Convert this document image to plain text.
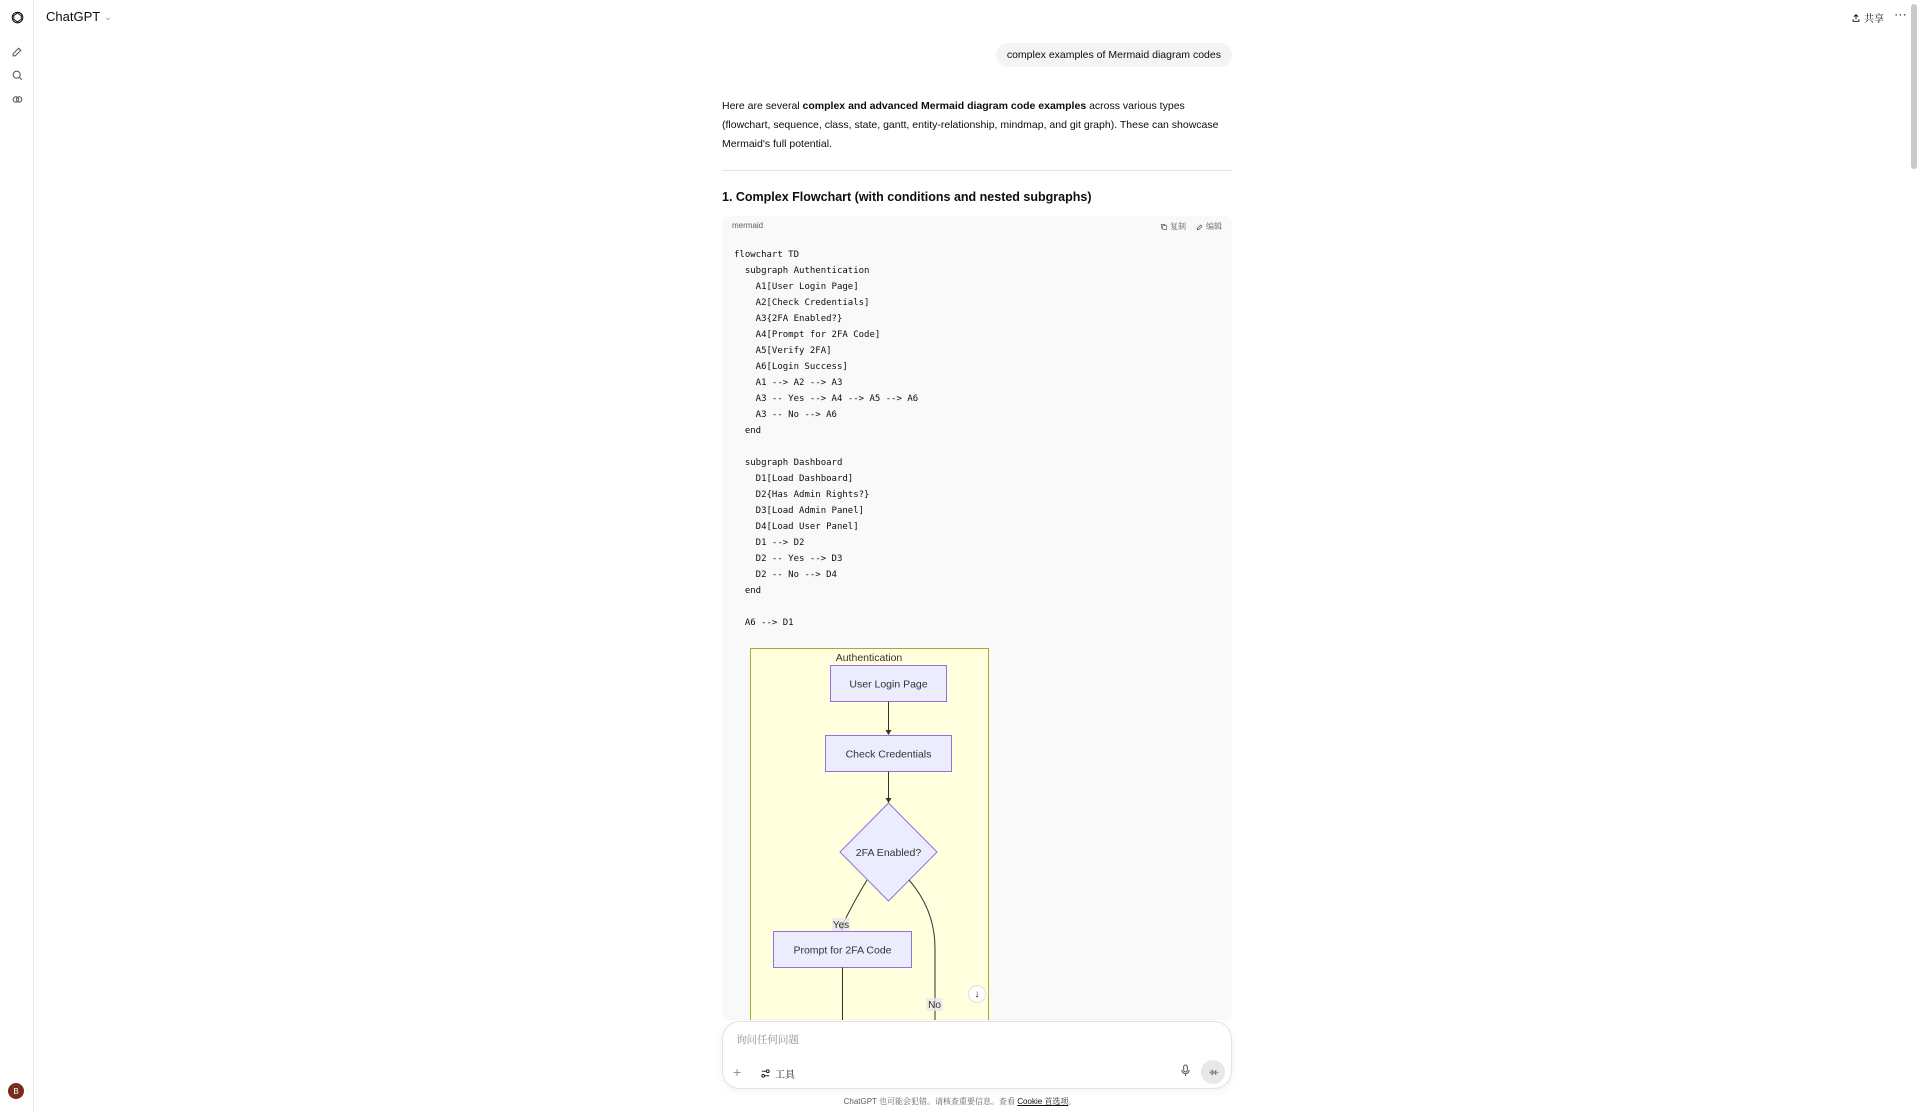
B
ChatGPT ⌄	共享 ⋯
complex examples of Mermaid diagram codes
Here are several complex and advanced Mermaid diagram code examples across various types (flowchart, sequence, class, state, gantt, entity-relationship, mindmap, and git graph). These can showcase Mermaid's full potential.
1. Complex Flowchart (with conditions and nested subgraphs)
mermaid	复制	编辑
flowchart TD
subgraph Authentication
A1[User Login Page]
A2[Check Credentials]
A3{2FA Enabled?}
A4[Prompt for 2FA Code]
A5[Verify 2FA]
A6[Login Success]
A1 --> A2 --> A3
A3 -- Yes --> A4 --> A5 --> A6
A3 -- No --> A6
end
subgraph Dashboard
D1[Load Dashboard]
D2{Has Admin Rights?}
D3[Load Admin Panel]
D4[Load User Panel]
D1 --> D2
D2 -- Yes --> D3
D2 -- No --> D4
end
A6 --> D1
Authentication
User Login Page
Check Credentials
2FA Enabled?
Yes
Prompt for 2FA Code
No
↓
询问任何问题
+	工具
ChatGPT 也可能会犯错。请核查重要信息。查看 Cookie 首选项。
